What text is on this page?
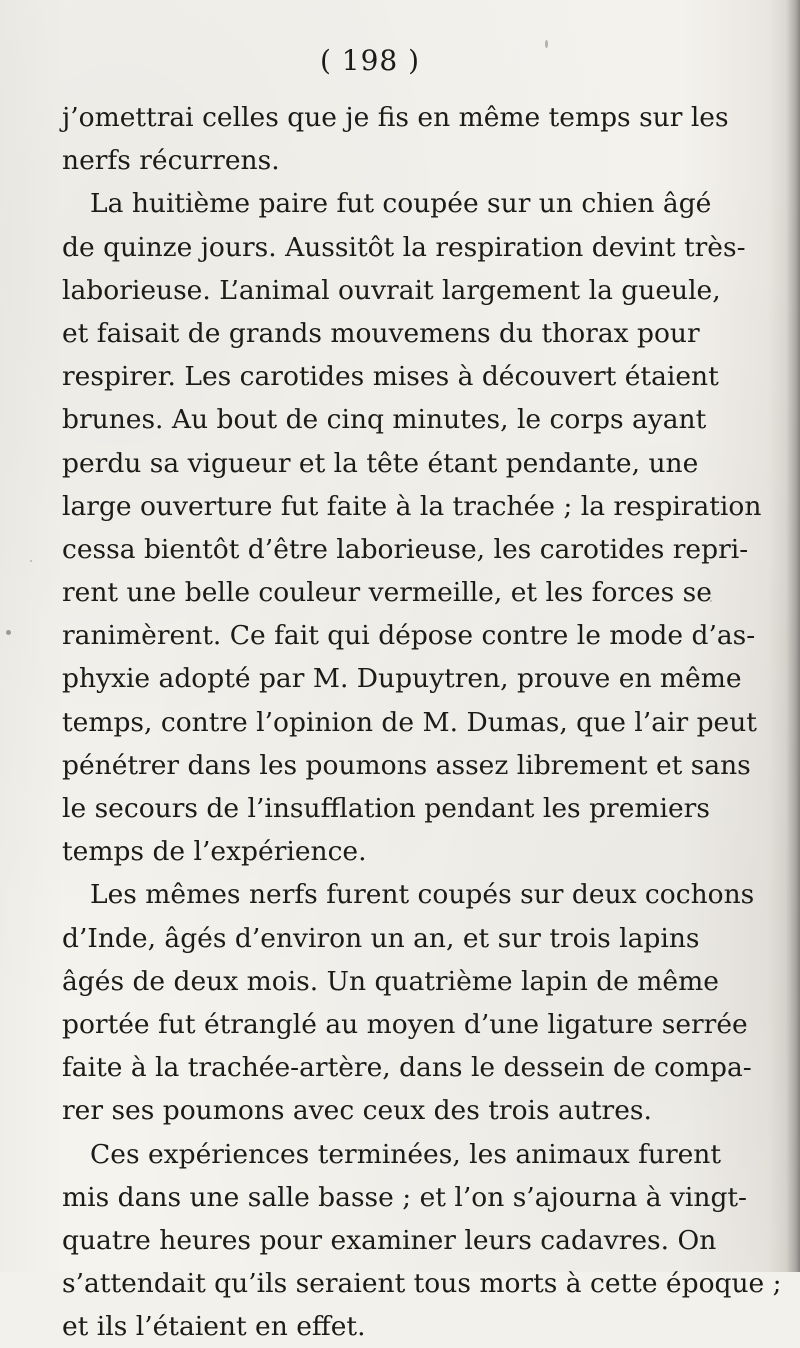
( 198 )
j’omettrai celles que je fis en même temps sur les
nerfs récurrens.
La huitième paire fut coupée sur un chien âgé
de quinze jours. Aussitôt la respiration devint très-
laborieuse. L’animal ouvrait largement la gueule,
et faisait de grands mouvemens du thorax pour
respirer. Les carotides mises à découvert étaient
brunes. Au bout de cinq minutes, le corps ayant
perdu sa vigueur et la tête étant pendante, une
large ouverture fut faite à la trachée ; la respiration
cessa bientôt d’être laborieuse, les carotides repri-
rent une belle couleur vermeille, et les forces se
ranimèrent. Ce fait qui dépose contre le mode d’as-
phyxie adopté par M. Dupuytren, prouve en même
temps, contre l’opinion de M. Dumas, que l’air peut
pénétrer dans les poumons assez librement et sans
le secours de l’insufflation pendant les premiers
temps de l’expérience.
Les mêmes nerfs furent coupés sur deux cochons
d’Inde, âgés d’environ un an, et sur trois lapins
âgés de deux mois. Un quatrième lapin de même
portée fut étranglé au moyen d’une ligature serrée
faite à la trachée-artère, dans le dessein de compa-
rer ses poumons avec ceux des trois autres.
Ces expériences terminées, les animaux furent
mis dans une salle basse ; et l’on s’ajourna à vingt-
quatre heures pour examiner leurs cadavres. On
s’attendait qu’ils seraient tous morts à cette époque ;
et ils l’étaient en effet.
